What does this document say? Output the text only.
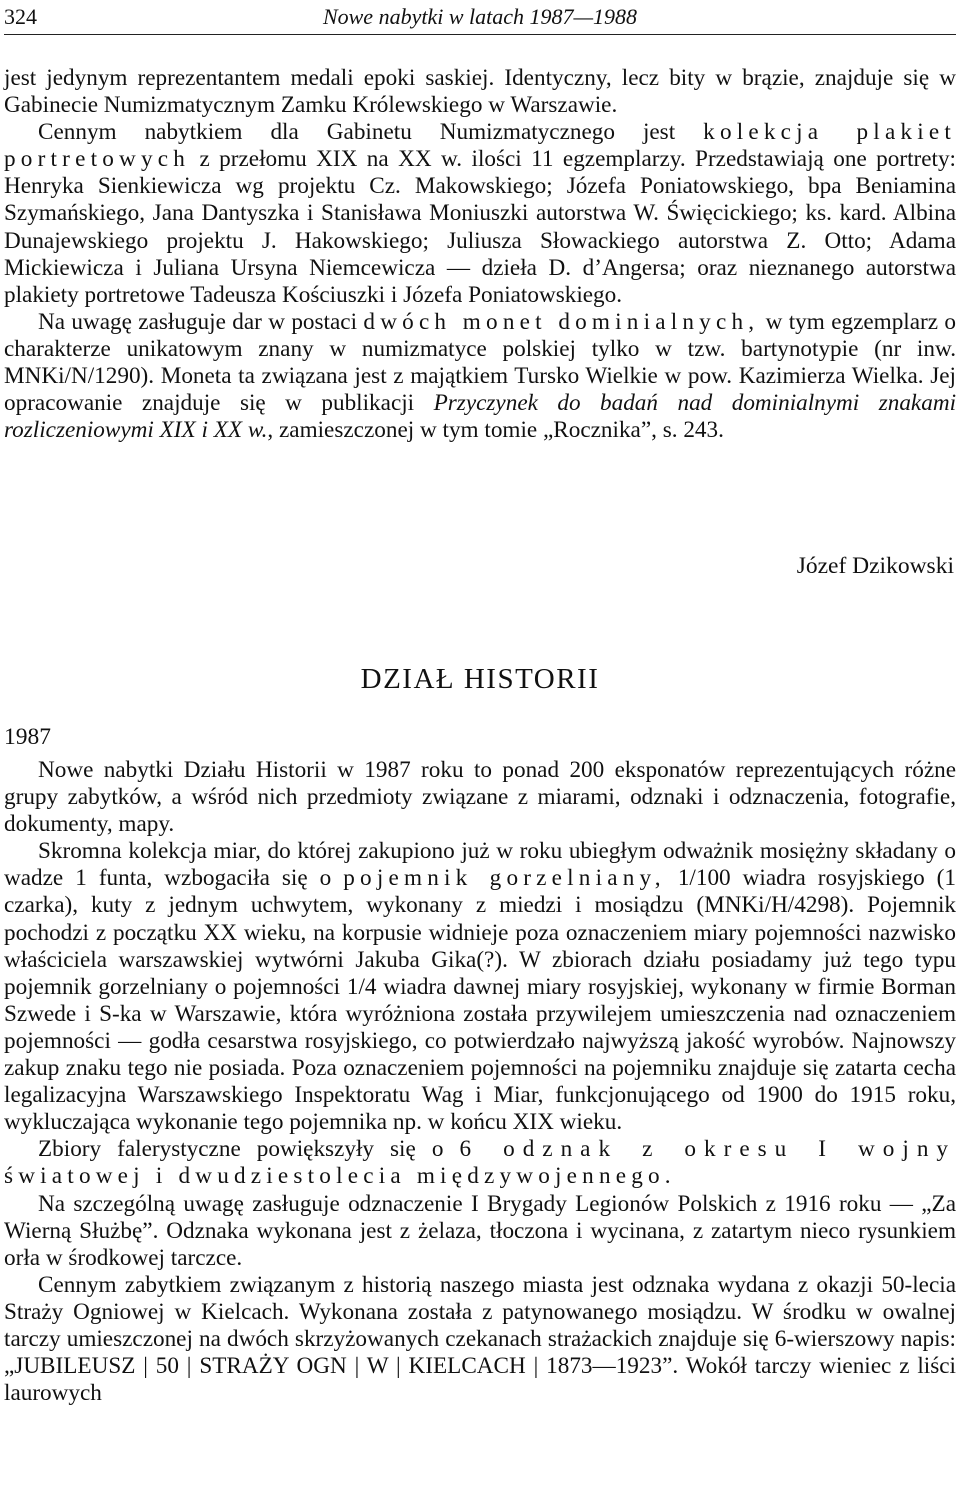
324	Nowe nabytki w latach 1987—1988

jest jedynym reprezentantem medali epoki saskiej. Identyczny, lecz bity w brązie, znajduje się w Gabinecie Numizmatycznym Zamku Królewskiego w Warszawie.

Cennym nabytkiem dla Gabinetu Numizmatycznego jest kolekcja plakiet portretowych z przełomu XIX na XX w. ilości 11 egzemplarzy. Przedstawiają one portrety: Henryka Sienkiewicza wg projektu Cz. Makowskiego; Józefa Poniatowskiego, bpa Beniamina Szymańskiego, Jana Dantyszka i Stanisława Moniuszki autorstwa W. Święcickiego; ks. kard. Albina Dunajewskiego projektu J. Hakowskiego; Juliusza Słowackiego autorstwa Z. Otto; Adama Mickiewicza i Juliana Ursyna Niemcewicza — dzieła D. d’Angersa; oraz nieznanego autorstwa plakiety portretowe Tadeusza Kościuszki i Józefa Poniatowskiego.

Na uwagę zasługuje dar w postaci dwóch monet dominialnych, w tym egzemplarz o charakterze unikatowym znany w numizmatyce polskiej tylko w tzw. bartynotypie (nr inw. MNKi/N/1290). Moneta ta związana jest z majątkiem Tursko Wielkie w pow. Kazimierza Wielka. Jej opracowanie znajduje się w publikacji Przyczynek do badań nad dominialnymi znakami rozliczeniowymi XIX i XX w., zamieszczonej w tym tomie „Rocznika”, s. 243.

Józef Dzikowski
DZIAŁ HISTORII
1987

Nowe nabytki Działu Historii w 1987 roku to ponad 200 eksponatów reprezentujących różne grupy zabytków, a wśród nich przedmioty związane z miarami, odznaki i odznaczenia, fotografie, dokumenty, mapy.

Skromna kolekcja miar, do której zakupiono już w roku ubiegłym odważnik mosiężny składany o wadze 1 funta, wzbogaciła się o pojemnik gorzelniany, 1/100 wiadra rosyjskiego (1 czarka), kuty z jednym uchwytem, wykonany z miedzi i mosiądzu (MNKi/H/4298). Pojemnik pochodzi z początku XX wieku, na korpusie widnieje poza oznaczeniem miary pojemności nazwisko właściciela warszawskiej wytwórni Jakuba Gika(?). W zbiorach działu posiadamy już tego typu pojemnik gorzelniany o pojemności 1/4 wiadra dawnej miary rosyjskiej, wykonany w firmie Borman Szwede i S-ka w Warszawie, która wyróżniona została przywilejem umieszczenia nad oznaczeniem pojemności — godła cesarstwa rosyjskiego, co potwierdzało najwyższą jakość wyrobów. Najnowszy zakup znaku tego nie posiada. Poza oznaczeniem pojemności na pojemniku znajduje się zatarta cecha legalizacyjna Warszawskiego Inspektoratu Wag i Miar, funkcjonującego od 1900 do 1915 roku, wykluczająca wykonanie tego pojemnika np. w końcu XIX wieku.

Zbiory falerystyczne powiększyły się o 6 odznak z okresu I wojny światowej i dwudziestolecia międzywojennego.

Na szczególną uwagę zasługuje odznaczenie I Brygady Legionów Polskich z 1916 roku — „Za Wierną Służbę”. Odznaka wykonana jest z żelaza, tłoczona i wycinana, z zatartym nieco rysunkiem orła w środkowej tarczce.

Cennym zabytkiem związanym z historią naszego miasta jest odznaka wydana z okazji 50-lecia Straży Ogniowej w Kielcach. Wykonana została z patynowanego mosiądzu. W środku w owalnej tarczy umieszczonej na dwóch skrzyżowanych czekanach strażackich znajduje się 6-wierszowy napis: „JUBILEUSZ | 50 | STRAŻY OGN | W | KIELCACH | 1873—1923”. Wokół tarczy wieniec z liści laurowych
